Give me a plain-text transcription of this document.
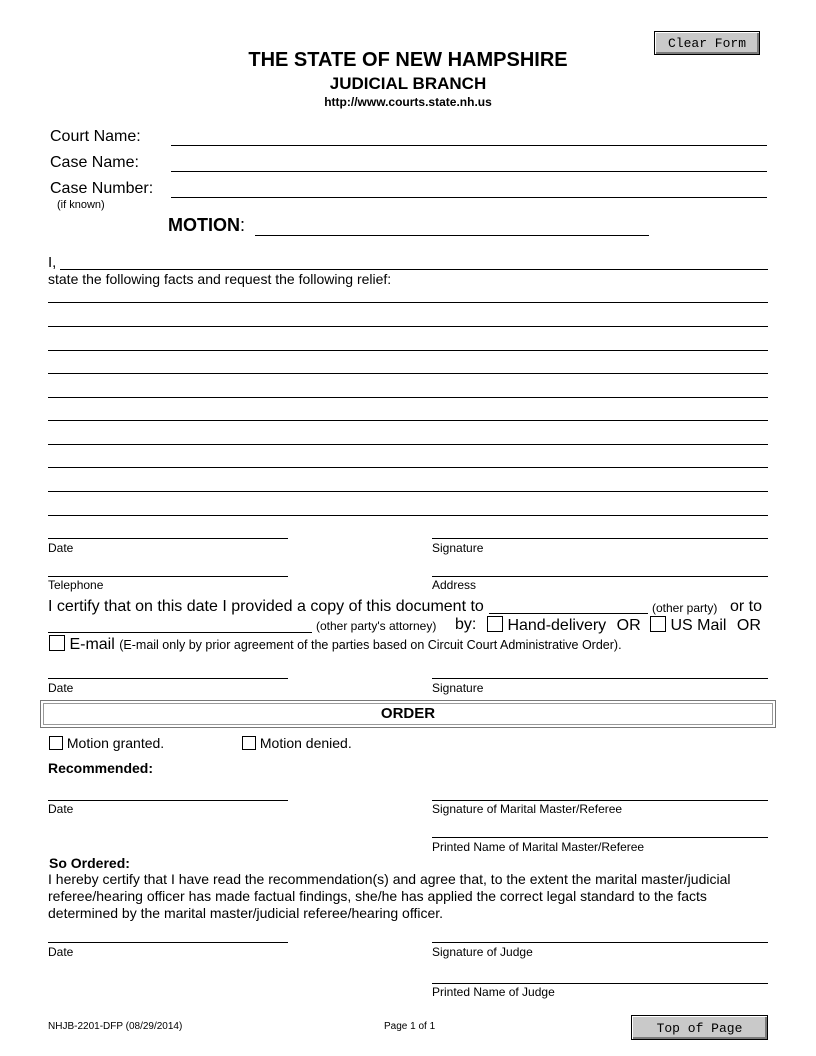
Clear Form
THE STATE OF NEW HAMPSHIRE
JUDICIAL BRANCH
http://www.courts.state.nh.us
Court Name:
Case Name:
Case Number:
(if known)
MOTION:
I,
state the following facts and request the following relief:
Date	Signature
Telephone	Address
I certify that on this date I provided a copy of this document to	(other party) or to
(other party's attorney) by:	Hand-delivery OR	US Mail OR
E-mail (E-mail only by prior agreement of the parties based on Circuit Court Administrative Order).
Date	Signature
ORDER
Motion granted.	Motion denied.
Recommended:
Date	Signature of Marital Master/Referee
Printed Name of Marital Master/Referee
So Ordered:
I hereby certify that I have read the recommendation(s) and agree that, to the extent the marital master/judicial referee/hearing officer has made factual findings, she/he has applied the correct legal standard to the facts determined by the marital master/judicial referee/hearing officer.
Date	Signature of Judge
Printed Name of Judge
NHJB-2201-DFP (08/29/2014)	Page 1 of 1	Top of Page
